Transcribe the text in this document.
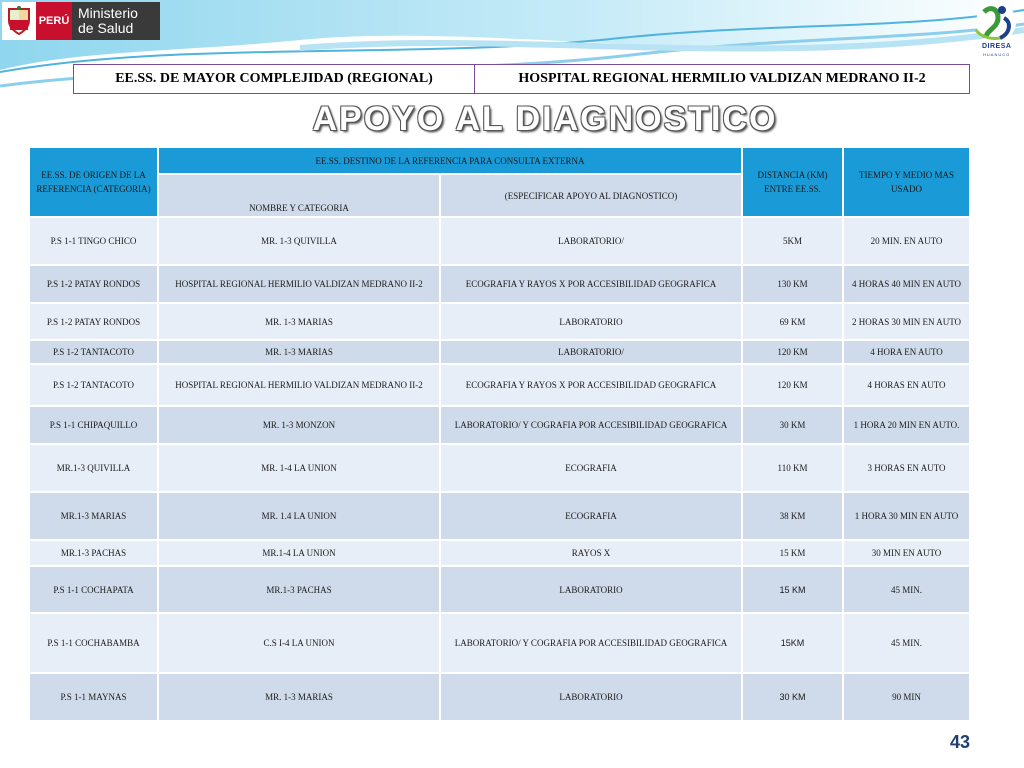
PERÚ Ministerio
de Salud
DIRESA
HUANUCO
EE.SS. DE MAYOR COMPLEJIDAD (REGIONAL)	HOSPITAL REGIONAL HERMILIO VALDIZAN MEDRANO II-2
APOYO AL DIAGNOSTICO
EE.SS. DE ORIGEN DE LA REFERENCIA (CATEGORIA)	EE.SS. DESTINO DE LA REFERENCIA PARA CONSULTA EXTERNA		DISTANCIA (KM) ENTRE EE.SS.	TIEMPO Y MEDIO MAS USADO
	NOMBRE Y CATEGORIA	(ESPECIFICAR APOYO AL DIAGNOSTICO)		
P.S 1-1 TINGO CHICO	MR. 1-3 QUIVILLA	LABORATORIO/	5KM	20 MIN. EN AUTO
P.S 1-2 PATAY RONDOS	HOSPITAL REGIONAL HERMILIO VALDIZAN MEDRANO II-2	ECOGRAFIA Y RAYOS X POR ACCESIBILIDAD GEOGRAFICA	130 KM	4 HORAS 40 MIN EN AUTO
P.S 1-2 PATAY RONDOS	MR. 1-3 MARIAS	LABORATORIO	69 KM	2 HORAS 30 MIN EN AUTO
P.S 1-2 TANTACOTO	MR. 1-3 MARIAS	LABORATORIO/	120 KM	4 HORA EN AUTO
P.S 1-2 TANTACOTO	HOSPITAL REGIONAL HERMILIO VALDIZAN MEDRANO II-2	ECOGRAFIA Y RAYOS X POR ACCESIBILIDAD GEOGRAFICA	120 KM	4 HORAS EN AUTO
P.S 1-1 CHIPAQUILLO	MR. 1-3 MONZON	LABORATORIO/ Y COGRAFIA POR ACCESIBILIDAD GEOGRAFICA	30 KM	1 HORA 20 MIN EN AUTO.
MR.1-3 QUIVILLA	MR. 1-4 LA UNION	ECOGRAFIA	110 KM	3 HORAS EN AUTO
MR.1-3 MARIAS	MR. 1.4 LA UNION	ECOGRAFIA	38 KM	1 HORA 30 MIN EN AUTO
MR.1-3 PACHAS	MR.1-4 LA UNION	RAYOS X	15 KM	30 MIN EN AUTO
P.S 1-1 COCHAPATA	MR.1-3 PACHAS	LABORATORIO	15 KM	45 MIN.
P.S 1-1 COCHABAMBA	C.S I-4 LA UNION	LABORATORIO/ Y COGRAFIA POR ACCESIBILIDAD GEOGRAFICA	15KM	45 MIN.
P.S 1-1 MAYNAS	MR. 1-3 MARIAS	LABORATORIO	30 KM	90 MIN
43
